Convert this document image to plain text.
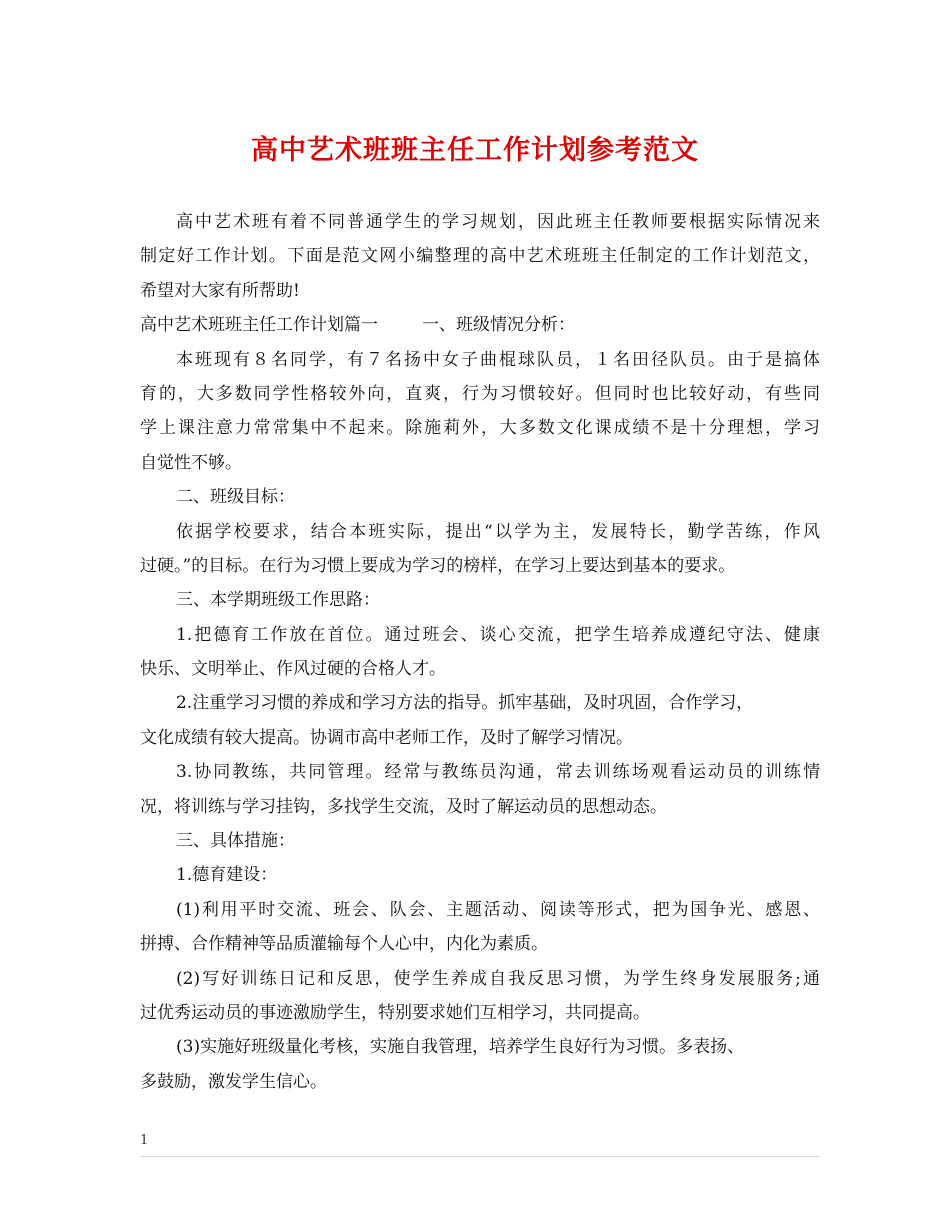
高中艺术班班主任工作计划参考范文
高中艺术班有着不同普通学生的学习规划，因此班主任教师要根据实际情况来
制定好工作计划。下面是范文网小编整理的高中艺术班班主任制定的工作计划范文，
希望对大家有所帮助!
高中艺术班班主任工作计划篇一	一、班级情况分析：
本班现有８名同学，有７名扬中女子曲棍球队员，１名田径队员。由于是搞体
育的，大多数同学性格较外向，直爽，行为习惯较好。但同时也比较好动，有些同
学上课注意力常常集中不起来。除施莉外，大多数文化课成绩不是十分理想，学习
自觉性不够。
二、班级目标：
依据学校要求，结合本班实际，提出“以学为主，发展特长，勤学苦练，作风
过硬。”的目标。在行为习惯上要成为学习的榜样，在学习上要达到基本的要求。
三、本学期班级工作思路：
1.把德育工作放在首位。通过班会、谈心交流，把学生培养成遵纪守法、健康
快乐、文明举止、作风过硬的合格人才。
2.注重学习习惯的养成和学习方法的指导。抓牢基础，及时巩固，合作学习，
文化成绩有较大提高。协调市高中老师工作，及时了解学习情况。
3.协同教练，共同管理。经常与教练员沟通，常去训练场观看运动员的训练情
况，将训练与学习挂钩，多找学生交流，及时了解运动员的思想动态。
三、具体措施：
1.德育建设：
(1)利用平时交流、班会、队会、主题活动、阅读等形式，把为国争光、感恩、
拼搏、合作精神等品质灌输每个人心中，内化为素质。
(2)写好训练日记和反思，使学生养成自我反思习惯，为学生终身发展服务;通
过优秀运动员的事迹激励学生，特别要求她们互相学习，共同提高。
(3)实施好班级量化考核，实施自我管理，培养学生良好行为习惯。多表扬、
多鼓励，激发学生信心。
1
